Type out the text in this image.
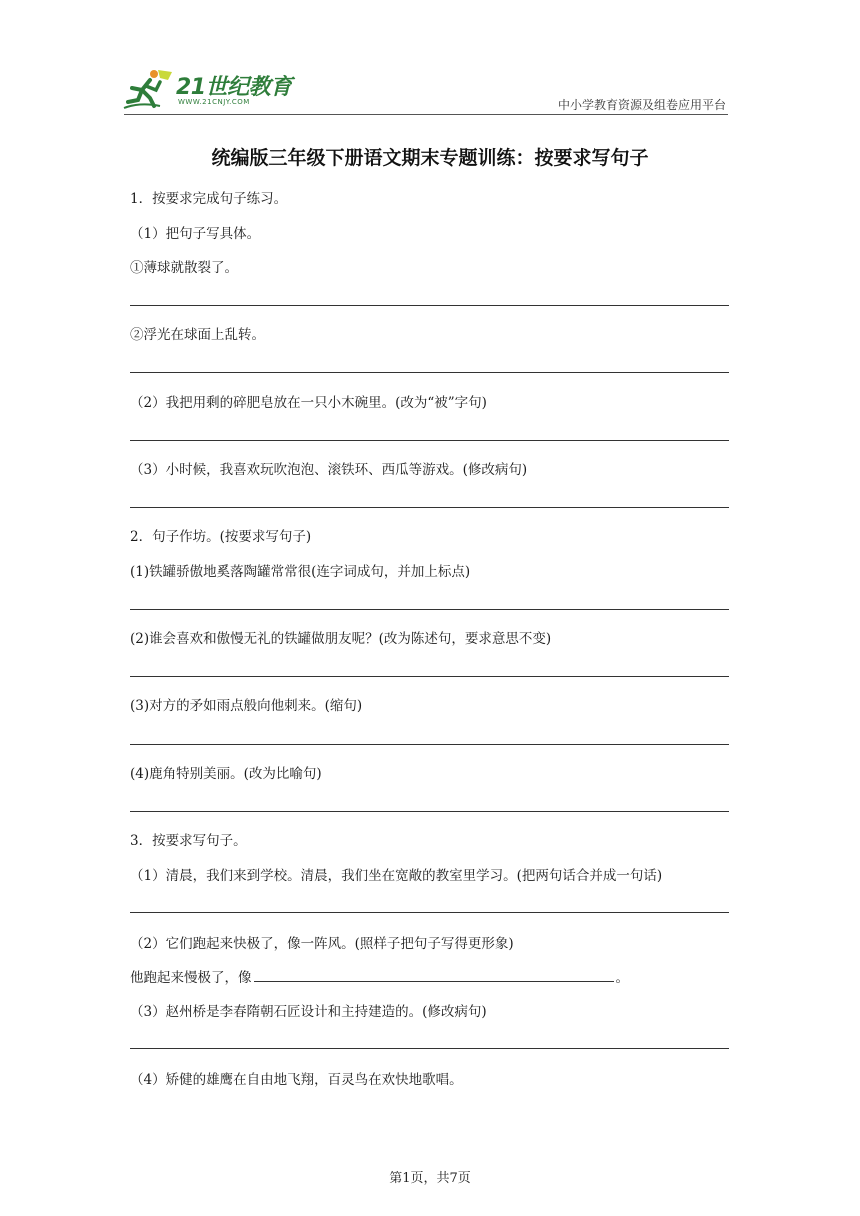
21世纪教育
WWW.21CNJY.COM	中小学教育资源及组卷应用平台
统编版三年级下册语文期末专题训练：按要求写句子
1．按要求完成句子练习。
（1）把句子写具体。
①薄球就散裂了。
②浮光在球面上乱转。
（2）我把用剩的碎肥皂放在一只小木碗里。(改为“被”字句)
（3）小时候，我喜欢玩吹泡泡、滚铁环、西瓜等游戏。(修改病句)
2．句子作坊。(按要求写句子)
(1)铁罐骄傲地奚落陶罐常常很(连字词成句，并加上标点)
(2)谁会喜欢和傲慢无礼的铁罐做朋友呢？(改为陈述句，要求意思不变)
(3)对方的矛如雨点般向他刺来。(缩句)
(4)鹿角特别美丽。(改为比喻句)
3．按要求写句子。
（1）清晨，我们来到学校。清晨，我们坐在宽敞的教室里学习。(把两句话合并成一句话)
（2）它们跑起来快极了，像一阵风。(照样子把句子写得更形象)
他跑起来慢极了，像	。
（3）赵州桥是李春隋朝石匠设计和主持建造的。(修改病句)
（4）矫健的雄鹰在自由地飞翔，百灵鸟在欢快地歌唱。
第1页，共7页
